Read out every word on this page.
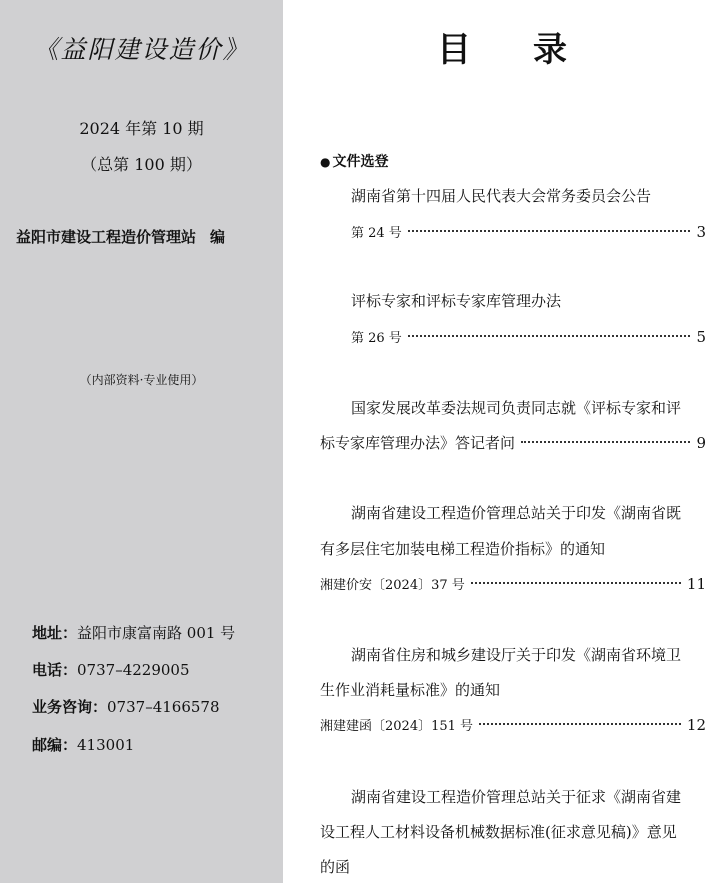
《益阳建设造价》
2024 年第 10 期
（总第 100 期）
益阳市建设工程造价管理站 编
（内部资料·专业使用）
地址：益阳市康富南路 001 号
电话：0737–4229005
业务咨询：0737–4166578
邮编：413001
目录
● 文件选登
湖南省第十四届人民代表大会常务委员会公告
第 24 号	3
评标专家和评标专家库管理办法
第 26 号	5
国家发展改革委法规司负责同志就《评标专家和评
标专家库管理办法》答记者问	9
湖南省建设工程造价管理总站关于印发《湖南省既
有多层住宅加装电梯工程造价指标》的通知
湘建价安〔2024〕37 号	11
湖南省住房和城乡建设厅关于印发《湖南省环境卫
生作业消耗量标准》的通知
湘建建函〔2024〕151 号	12
湖南省建设工程造价管理总站关于征求《湖南省建
设工程人工材料设备机械数据标准(征求意见稿)》意见
的函
